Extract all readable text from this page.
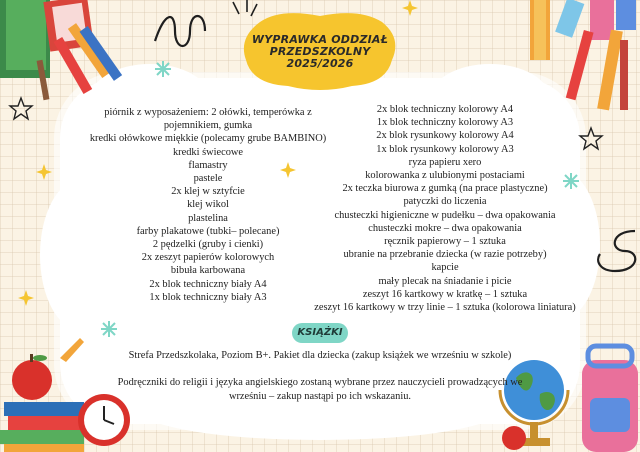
WYPRAWKA ODDZIAŁ
PRZEDSZKOLNY
2025/2026
piórnik z wyposażeniem: 2 ołówki, temperówka z
pojemnikiem, gumka
kredki ołówkowe miękkie (polecamy grube BAMBINO)
kredki świecowe
flamastry
pastele
2x klej w sztyfcie
klej wikol
plastelina
farby plakatowe (tubki– polecane)
2 pędzelki (gruby i cienki)
2x zeszyt papierów kolorowych
bibuła karbowana
2x blok techniczny biały A4
1x blok techniczny biały A3
2x blok techniczny kolorowy A4
1x blok techniczny kolorowy A3
2x blok rysunkowy kolorowy A4
1x blok rysunkowy kolorowy A3
ryza papieru xero
kolorowanka z ulubionymi postaciami
2x teczka biurowa z gumką (na prace plastyczne)
patyczki do liczenia
chusteczki higieniczne w pudełku – dwa opakowania
chusteczki mokre – dwa opakowania
ręcznik papierowy – 1 sztuka
ubranie na przebranie dziecka (w razie potrzeby)
kapcie
mały plecak na śniadanie i picie
zeszyt 16 kartkowy w kratkę – 1 sztuka
zeszyt 16 kartkowy w trzy linie – 1 sztuka (kolorowa liniatura)
KSIĄŻKI
Strefa Przedszkolaka, Poziom B+. Pakiet dla dziecka (zakup książek we wrześniu w szkole)
Podręczniki do religii i języka angielskiego zostaną wybrane przez nauczycieli prowadzących we wrześniu – zakup nastąpi po ich wskazaniu.
